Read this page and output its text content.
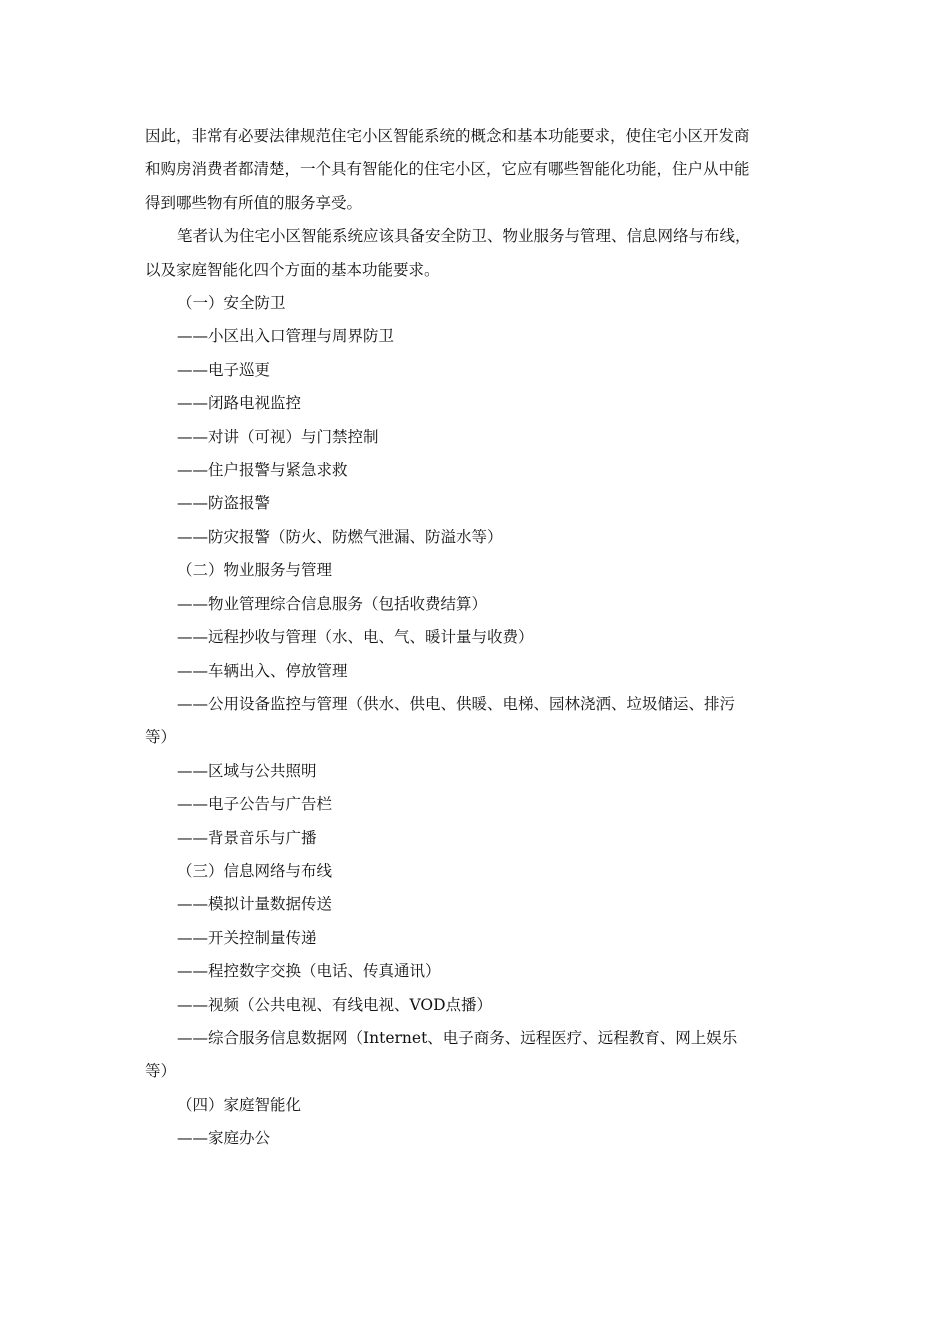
因此，非常有必要法律规范住宅小区智能系统的概念和基本功能要求，使住宅小区开发商
和购房消费者都清楚，一个具有智能化的住宅小区，它应有哪些智能化功能，住户从中能
得到哪些物有所值的服务享受。
笔者认为住宅小区智能系统应该具备安全防卫、物业服务与管理、信息网络与布线，
以及家庭智能化四个方面的基本功能要求。
（一）安全防卫
——小区出入口管理与周界防卫
——电子巡更
——闭路电视监控
——对讲（可视）与门禁控制
——住户报警与紧急求救
——防盗报警
——防灾报警（防火、防燃气泄漏、防溢水等）
（二）物业服务与管理
——物业管理综合信息服务（包括收费结算）
——远程抄收与管理（水、电、气、暖计量与收费）
——车辆出入、停放管理
——公用设备监控与管理（供水、供电、供暖、电梯、园林浇洒、垃圾储运、排污
等）
——区域与公共照明
——电子公告与广告栏
——背景音乐与广播
（三）信息网络与布线
——模拟计量数据传送
——开关控制量传递
——程控数字交换（电话、传真通讯）
——视频（公共电视、有线电视、VOD点播）
——综合服务信息数据网（Internet、电子商务、远程医疗、远程教育、网上娱乐
等）
（四）家庭智能化
——家庭办公
